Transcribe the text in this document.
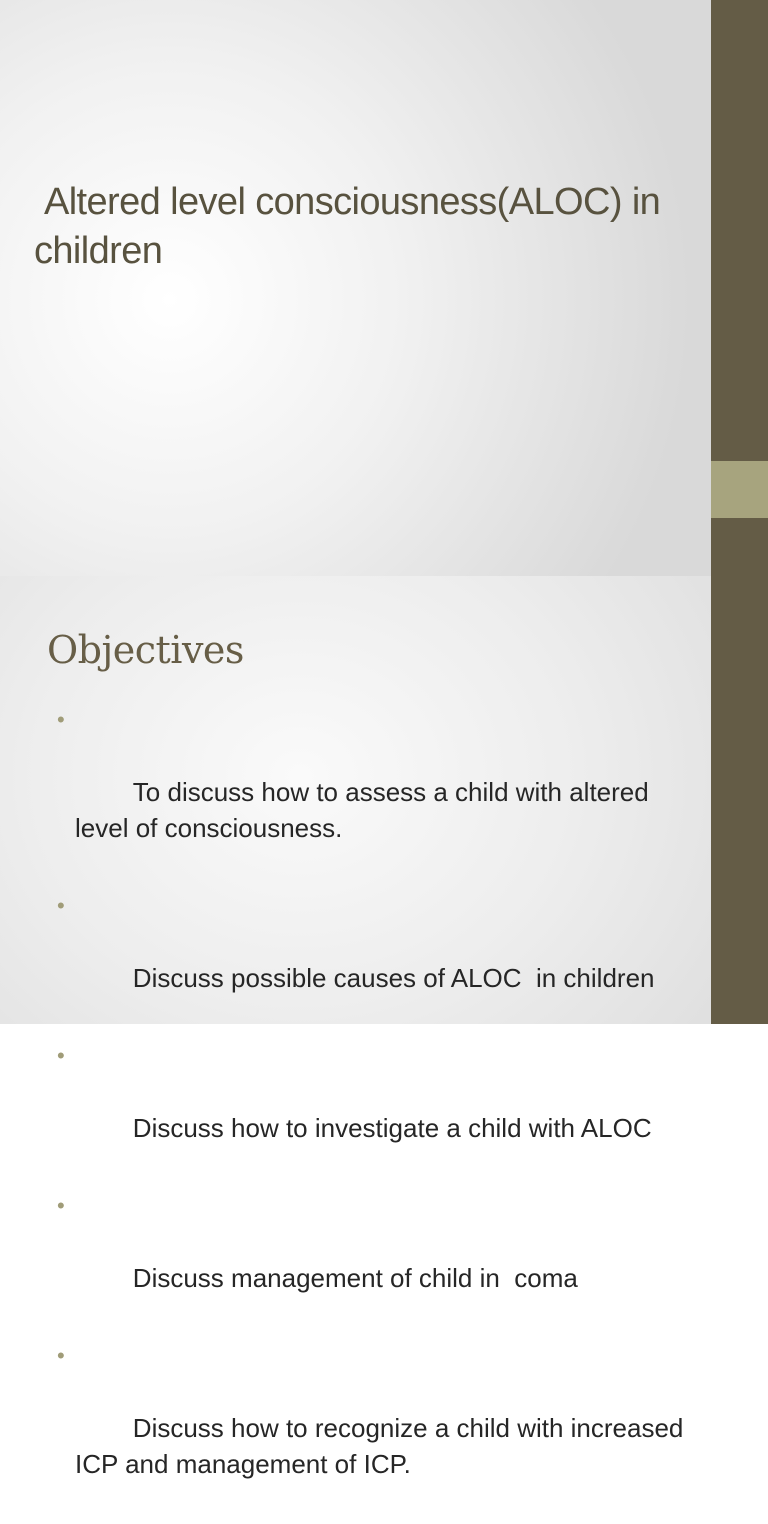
Altered level consciousness(ALOC) in children
Objectives

•

To discuss how to assess a child with altered level of consciousness.

•

Discuss possible causes of ALOC  in children

•

Discuss how to investigate a child with ALOC

•

Discuss management of child in  coma

•

Discuss how to recognize a child with increased ICP and management of ICP.
